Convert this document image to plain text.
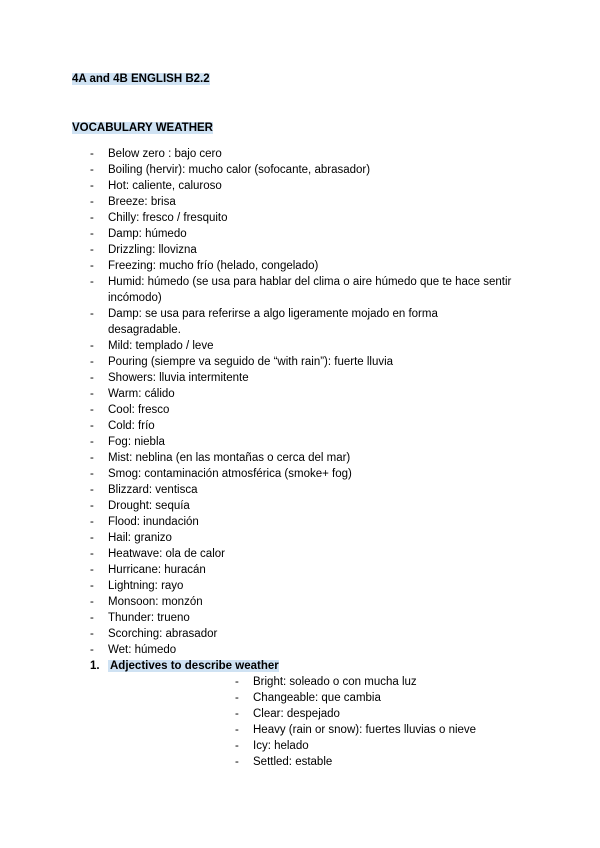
4A and 4B ENGLISH B2.2
VOCABULARY WEATHER
- Below zero : bajo cero
- Boiling (hervir): mucho calor (sofocante, abrasador)
- Hot: caliente, caluroso
- Breeze: brisa
- Chilly: fresco / fresquito
- Damp: húmedo
- Drizzling: llovizna
- Freezing: mucho frío (helado, congelado)
- Humid: húmedo (se usa para hablar del clima o aire húmedo que te hace sentir incómodo)
- Damp: se usa para referirse a algo ligeramente mojado en forma desagradable.
- Mild: templado / leve
- Pouring (siempre va seguido de “with rain”): fuerte lluvia
- Showers: lluvia intermitente
- Warm: cálido
- Cool: fresco
- Cold: frío
- Fog: niebla
- Mist: neblina (en las montañas o cerca del mar)
- Smog: contaminación atmosférica (smoke+ fog)
- Blizzard: ventisca
- Drought: sequía
- Flood: inundación
- Hail: granizo
- Heatwave: ola de calor
- Hurricane: huracán
- Lightning: rayo
- Monsoon: monzón
- Thunder: trueno
- Scorching: abrasador
- Wet: húmedo
1. Adjectives to describe weather
- Bright: soleado o con mucha luz
- Changeable: que cambia
- Clear: despejado
- Heavy (rain or snow): fuertes lluvias o nieve
- Icy: helado
- Settled: estable
